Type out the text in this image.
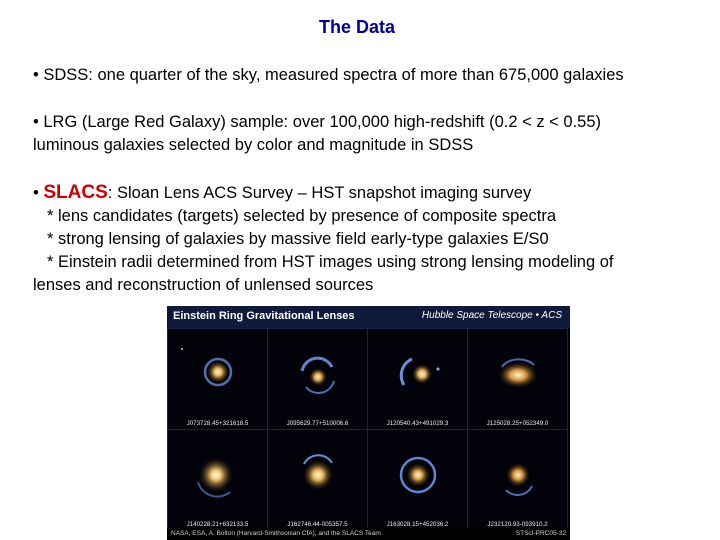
The Data
• SDSS: one quarter of the sky, measured spectra of more than 675,000 galaxies
• LRG (Large Red Galaxy) sample: over 100,000 high-redshift (0.2 < z < 0.55)
luminous galaxies selected by color and magnitude in SDSS
• SLACS: Sloan Lens ACS Survey – HST snapshot imaging survey
* lens candidates (targets) selected by presence of composite spectra
* strong lensing of galaxies by massive field early-type galaxies E/S0
* Einstein radii determined from HST images using strong lensing modeling of
lenses and reconstruction of unlensed sources
Einstein Ring Gravitational Lenses	Hubble Space Telescope • ACS
J073728.45+321618.5	J095629.77+510006.6	J120540.43+491029.3	J125028.25+052349.0
J140228.21+632133.5	J162746.44-005357.5	J163028.15+452036.2	J232120.93-093910.2
NASA, ESA, A. Bolton (Harvard-Smithsonian CfA), and the SLACS Team	STScI-PRC05-32
